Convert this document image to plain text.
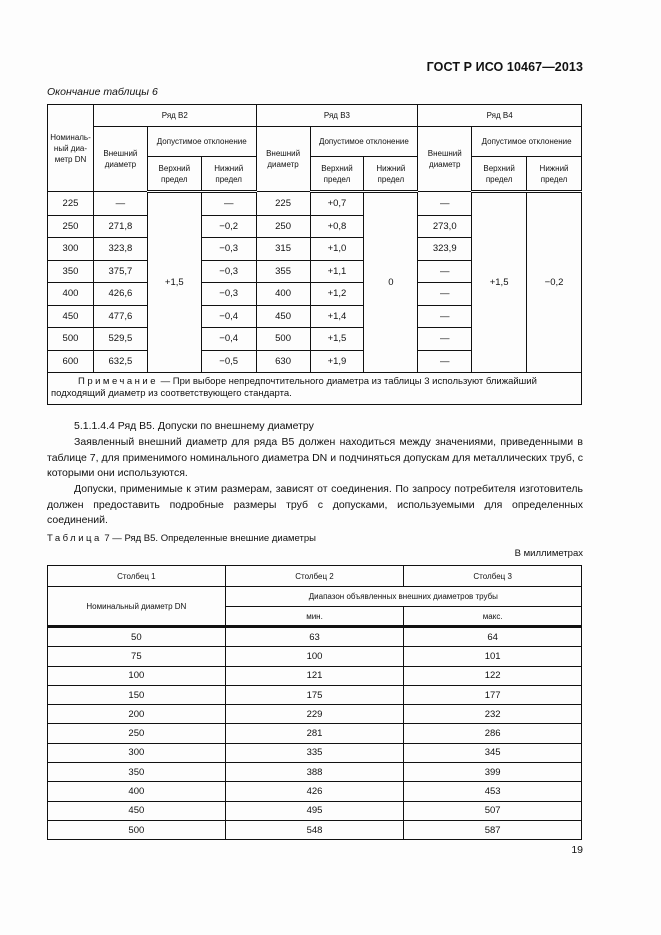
ГОСТ Р ИСО 10467—2013
Окончание таблицы 6
Номиналь-ный диа-метр DN	Ряд В2			Ряд В3			Ряд В4		
	Внешний диаметр	Допустимое отклонение		Внешний диаметр	Допустимое отклонение		Внешний диаметр	Допустимое отклонение	
		Верхний предел	Нижний предел		Верхний предел	Нижний предел		Верхний предел	Нижний предел
225	—	+1,5	—	225	+0,7	0	—	+1,5	−0,2
250	271,8		−0,2	250	+0,8		273,0		
300	323,8		−0,3	315	+1,0		323,9		
350	375,7		−0,3	355	+1,1		—		
400	426,6		−0,3	400	+1,2		—		
450	477,6		−0,4	450	+1,4		—		
500	529,5		−0,4	500	+1,5		—		
600	632,5		−0,5	630	+1,9		—		
Примечание — При выборе непредпочтительного диаметра из таблицы 3 используют ближайший подходящий диаметр из соответствующего стандарта.									
5.1.1.4.4 Ряд В5. Допуски по внешнему диаметру
Заявленный внешний диаметр для ряда В5 должен находиться между значениями, приведенными в таблице 7, для применимого номинального диаметра DN и подчиняться допускам для металлических труб, с которыми они используются.
Допуски, применимые к этим размерам, зависят от соединения. По запросу потребителя изготовитель должен предоставить подробные размеры труб с допусками, используемыми для определенных соединений.
Таблица 7 — Ряд В5. Определенные внешние диаметры
В миллиметрах
Столбец 1	Столбец 2	Столбец 3
Номинальный диаметр DN	Диапазон объявленных внешних диаметров трубы	
	мин.	макс.
50	63	64
75	100	101
100	121	122
150	175	177
200	229	232
250	281	286
300	335	345
350	388	399
400	426	453
450	495	507
500	548	587
19
